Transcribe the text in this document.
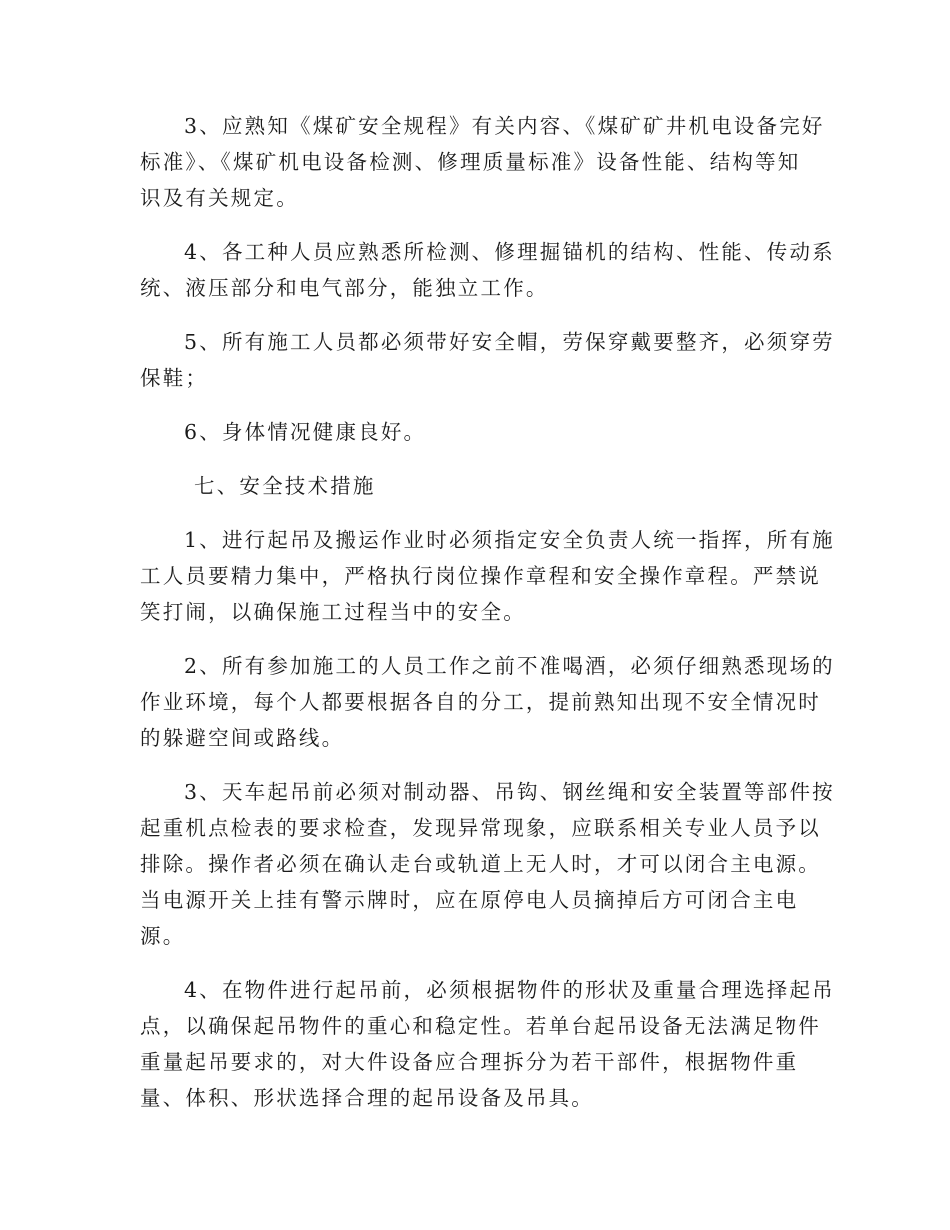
3、应熟知《煤矿安全规程》有关内容、《煤矿矿井机电设备完好
标准》、《煤矿机电设备检测、修理质量标准》设备性能、结构等知
识及有关规定。
4、各工种人员应熟悉所检测、修理掘锚机的结构、性能、传动系
统、液压部分和电气部分，能独立工作。
5、所有施工人员都必须带好安全帽，劳保穿戴要整齐，必须穿劳
保鞋；
6、身体情况健康良好。
七、安全技术措施
1、进行起吊及搬运作业时必须指定安全负责人统一指挥，所有施
工人员要精力集中，严格执行岗位操作章程和安全操作章程。严禁说
笑打闹，以确保施工过程当中的安全。
2、所有参加施工的人员工作之前不准喝酒，必须仔细熟悉现场的
作业环境，每个人都要根据各自的分工，提前熟知出现不安全情况时
的躲避空间或路线。
3、天车起吊前必须对制动器、吊钩、钢丝绳和安全装置等部件按
起重机点检表的要求检查，发现异常现象，应联系相关专业人员予以
排除。操作者必须在确认走台或轨道上无人时，才可以闭合主电源。
当电源开关上挂有警示牌时，应在原停电人员摘掉后方可闭合主电
源。
4、在物件进行起吊前，必须根据物件的形状及重量合理选择起吊
点，以确保起吊物件的重心和稳定性。若单台起吊设备无法满足物件
重量起吊要求的，对大件设备应合理拆分为若干部件，根据物件重
量、体积、形状选择合理的起吊设备及吊具。
